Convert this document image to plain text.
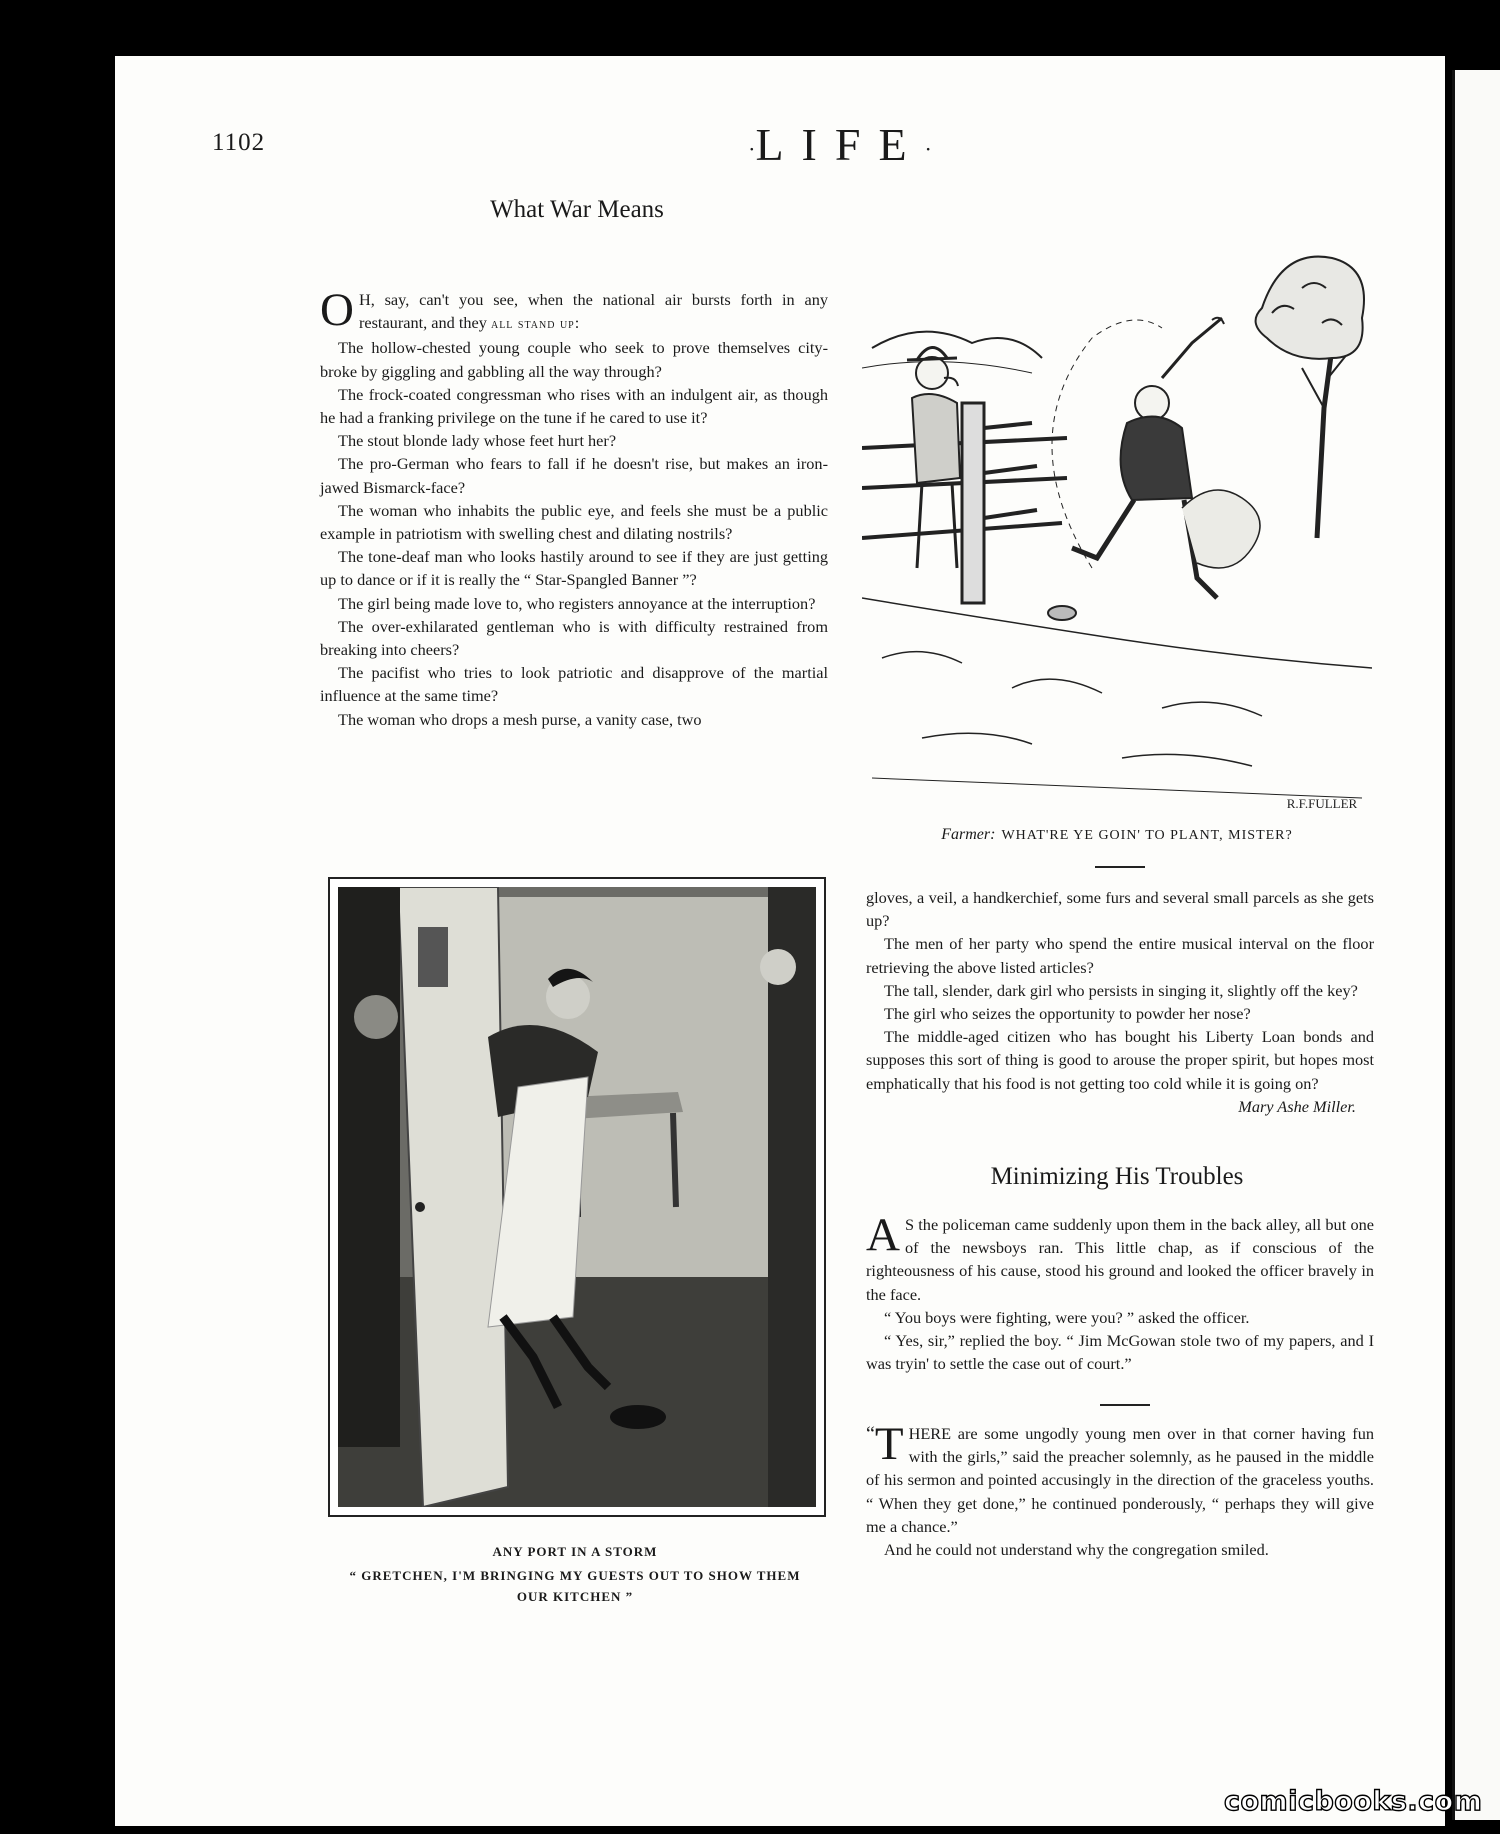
1102	·LIFE·
What War Means

O H, say, can't you see, when the national air bursts forth in any restaurant, and they all stand up:

The hollow-chested young couple who seek to prove themselves city-broke by giggling and gabbling all the way through?

The frock-coated congressman who rises with an indulgent air, as though he had a franking privilege on the tune if he cared to use it?

The stout blonde lady whose feet hurt her?

The pro-German who fears to fall if he doesn't rise, but makes an iron-jawed Bismarck-face?

The woman who inhabits the public eye, and feels she must be a public example in patriotism with swelling chest and dilating nostrils?

The tone-deaf man who looks hastily around to see if they are just getting up to dance or if it is really the “ Star-Spangled Banner ”?

The girl being made love to, who registers annoyance at the interruption?

The over-exhilarated gentleman who is with difficulty restrained from breaking into cheers?

The pacifist who tries to look patriotic and disapprove of the martial influence at the same time?

The woman who drops a mesh purse, a vanity case, two

R.F.FULLER
Farmer: WHAT'RE YE GOIN' TO PLANT, MISTER?
ANY PORT IN A STORM
“ GRETCHEN, I'M BRINGING MY GUESTS OUT TO SHOW THEM
OUR KITCHEN ”

gloves, a veil, a handkerchief, some furs and several small parcels as she gets up?

The men of her party who spend the entire musical interval on the floor retrieving the above listed articles?

The tall, slender, dark girl who persists in singing it, slightly off the key?

The girl who seizes the opportunity to powder her nose?

The middle-aged citizen who has bought his Liberty Loan bonds and supposes this sort of thing is good to arouse the proper spirit, but hopes most emphatically that his food is not getting too cold while it is going on?

Mary Ashe Miller.

Minimizing His Troubles

A S the policeman came suddenly upon them in the back alley, all but one of the newsboys ran. This little chap, as if conscious of the righteousness of his cause, stood his ground and looked the officer bravely in the face.

“ You boys were fighting, were you? ” asked the officer.

“ Yes, sir,” replied the boy. “ Jim McGowan stole two of my papers, and I was tryin' to settle the case out of court.”

“ T HERE are some ungodly young men over in that corner having fun with the girls,” said the preacher solemnly, as he paused in the middle of his sermon and pointed accusingly in the direction of the graceless youths. “ When they get done,” he continued ponderously, “ perhaps they will give me a chance.”

And he could not understand why the congregation smiled.

comicbooks.com
